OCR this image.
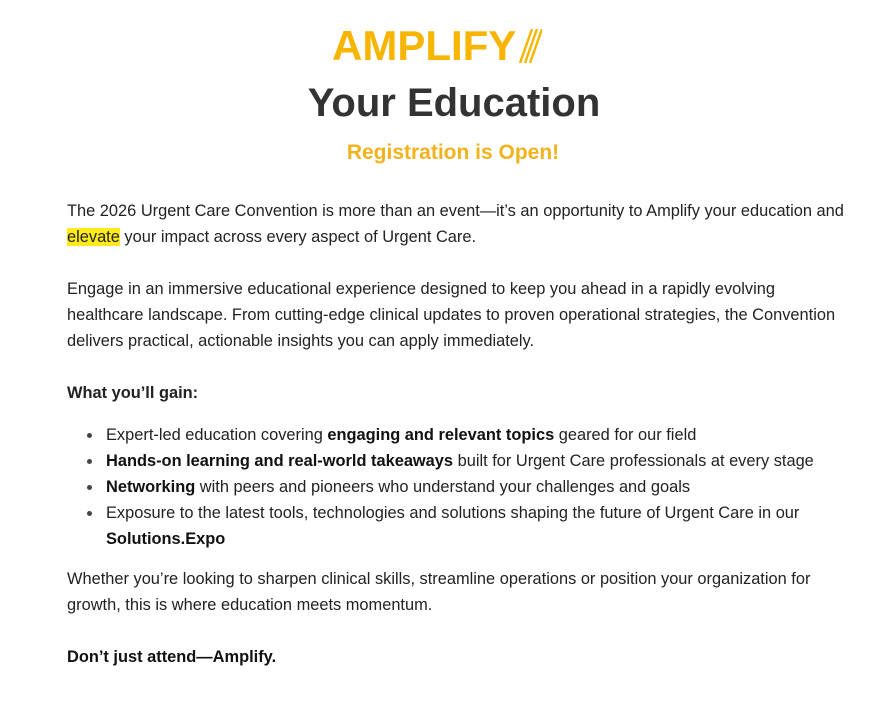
AMPLIFY
Your Education
Registration is Open!

The 2026 Urgent Care Convention is more than an event—it’s an opportunity to Amplify your education and elevate your impact across every aspect of Urgent Care.

Engage in an immersive educational experience designed to keep you ahead in a rapidly evolving healthcare landscape. From cutting-edge clinical updates to proven operational strategies, the Convention delivers practical, actionable insights you can apply immediately.

What you’ll gain:

Expert-led education covering engaging and relevant topics geared for our field
Hands-on learning and real-world takeaways built for Urgent Care professionals at every stage
Networking with peers and pioneers who understand your challenges and goals
Exposure to the latest tools, technologies and solutions shaping the future of Urgent Care in our Solutions.Expo

Whether you’re looking to sharpen clinical skills, streamline operations or position your organization for growth, this is where education meets momentum.

Don’t just attend—Amplify.
